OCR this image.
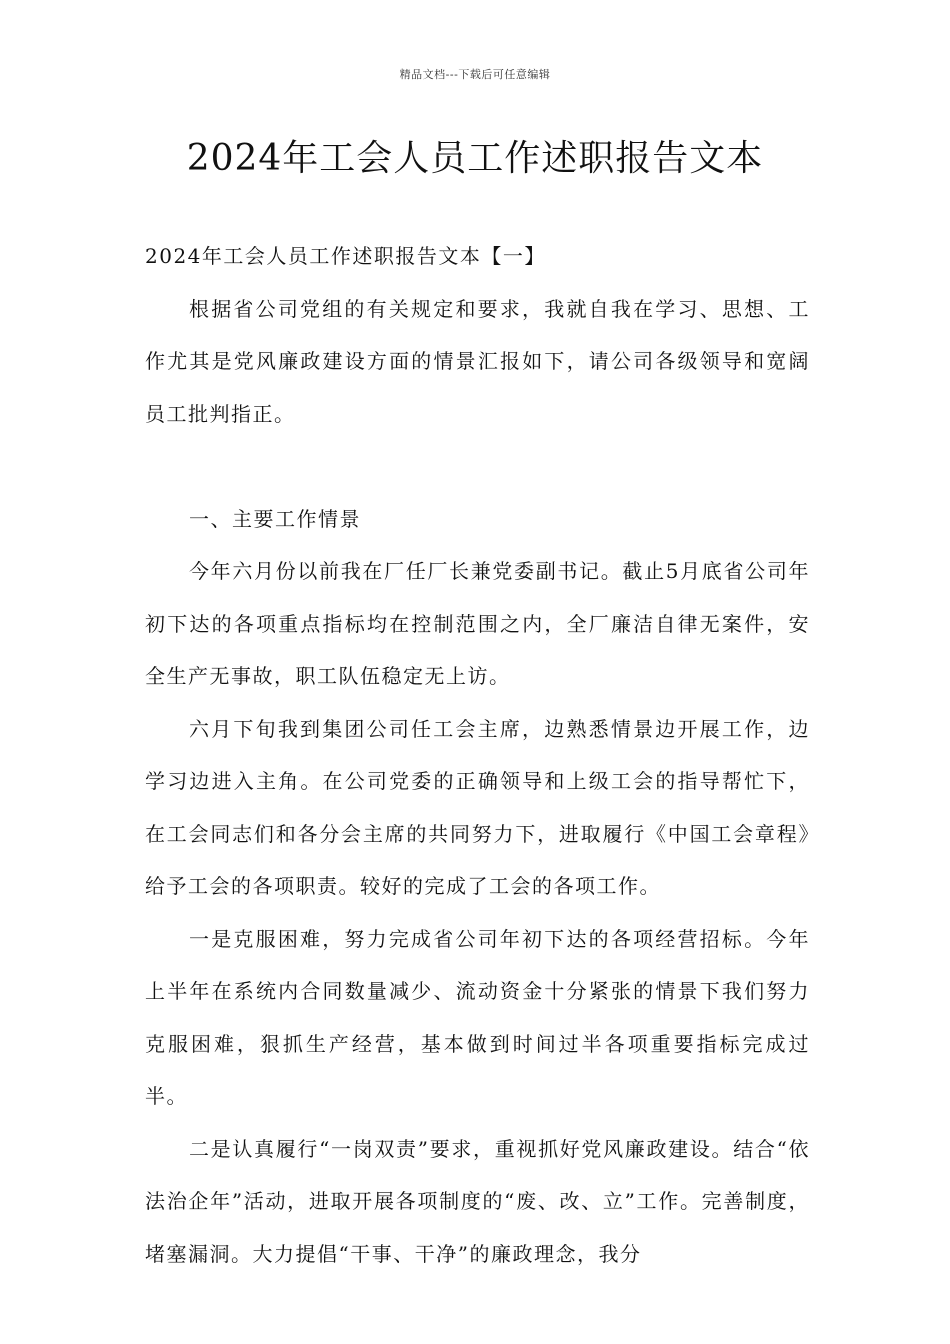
精品文档---下载后可任意编辑
2024年工会人员工作述职报告文本

2024年工会人员工作述职报告文本【一】

根据省公司党组的有关规定和要求，我就自我在学习、思想、工作尤其是党风廉政建设方面的情景汇报如下，请公司各级领导和宽阔员工批判指正。

一、主要工作情景

今年六月份以前我在厂任厂长兼党委副书记。截止5月底省公司年初下达的各项重点指标均在控制范围之内，全厂廉洁自律无案件，安全生产无事故，职工队伍稳定无上访。

六月下旬我到集团公司任工会主席，边熟悉情景边开展工作，边学习边进入主角。在公司党委的正确领导和上级工会的指导帮忙下，在工会同志们和各分会主席的共同努力下，进取履行《中国工会章程》给予工会的各项职责。较好的完成了工会的各项工作。

一是克服困难，努力完成省公司年初下达的各项经营招标。今年上半年在系统内合同数量减少、流动资金十分紧张的情景下我们努力克服困难，狠抓生产经营，基本做到时间过半各项重要指标完成过半。

二是认真履行“一岗双责”要求，重视抓好党风廉政建设。结合“依法治企年”活动，进取开展各项制度的“废、改、立”工作。完善制度，堵塞漏洞。大力提倡“干事、干净”的廉政理念，我分
